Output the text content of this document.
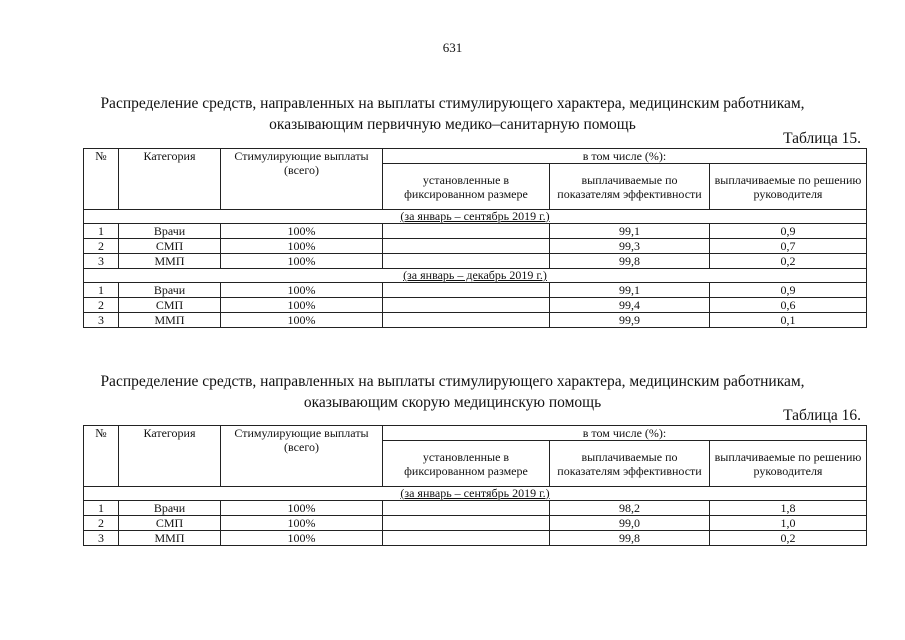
631
Распределение средств, направленных на выплаты стимулирующего характера, медицинским работникам,
оказывающим первичную медико–санитарную помощь
Таблица 15.
№	Категория	Стимулирующие выплаты (всего)	в том числе (%):		
			установленные в фиксированном размере	выплачиваемые по показателям эффективности	выплачиваемые по решению руководителя
(за январь – сентябрь 2019 г.)					
1	Врачи	100%		99,1	0,9
2	СМП	100%		99,3	0,7
3	ММП	100%		99,8	0,2
(за январь – декабрь 2019 г.)					
1	Врачи	100%		99,1	0,9
2	СМП	100%		99,4	0,6
3	ММП	100%		99,9	0,1
Распределение средств, направленных на выплаты стимулирующего характера, медицинским работникам,
оказывающим скорую медицинскую помощь
Таблица 16.
№	Категория	Стимулирующие выплаты (всего)	в том числе (%):		
			установленные в фиксированном размере	выплачиваемые по показателям эффективности	выплачиваемые по решению руководителя
(за январь – сентябрь 2019 г.)					
1	Врачи	100%		98,2	1,8
2	СМП	100%		99,0	1,0
3	ММП	100%		99,8	0,2
